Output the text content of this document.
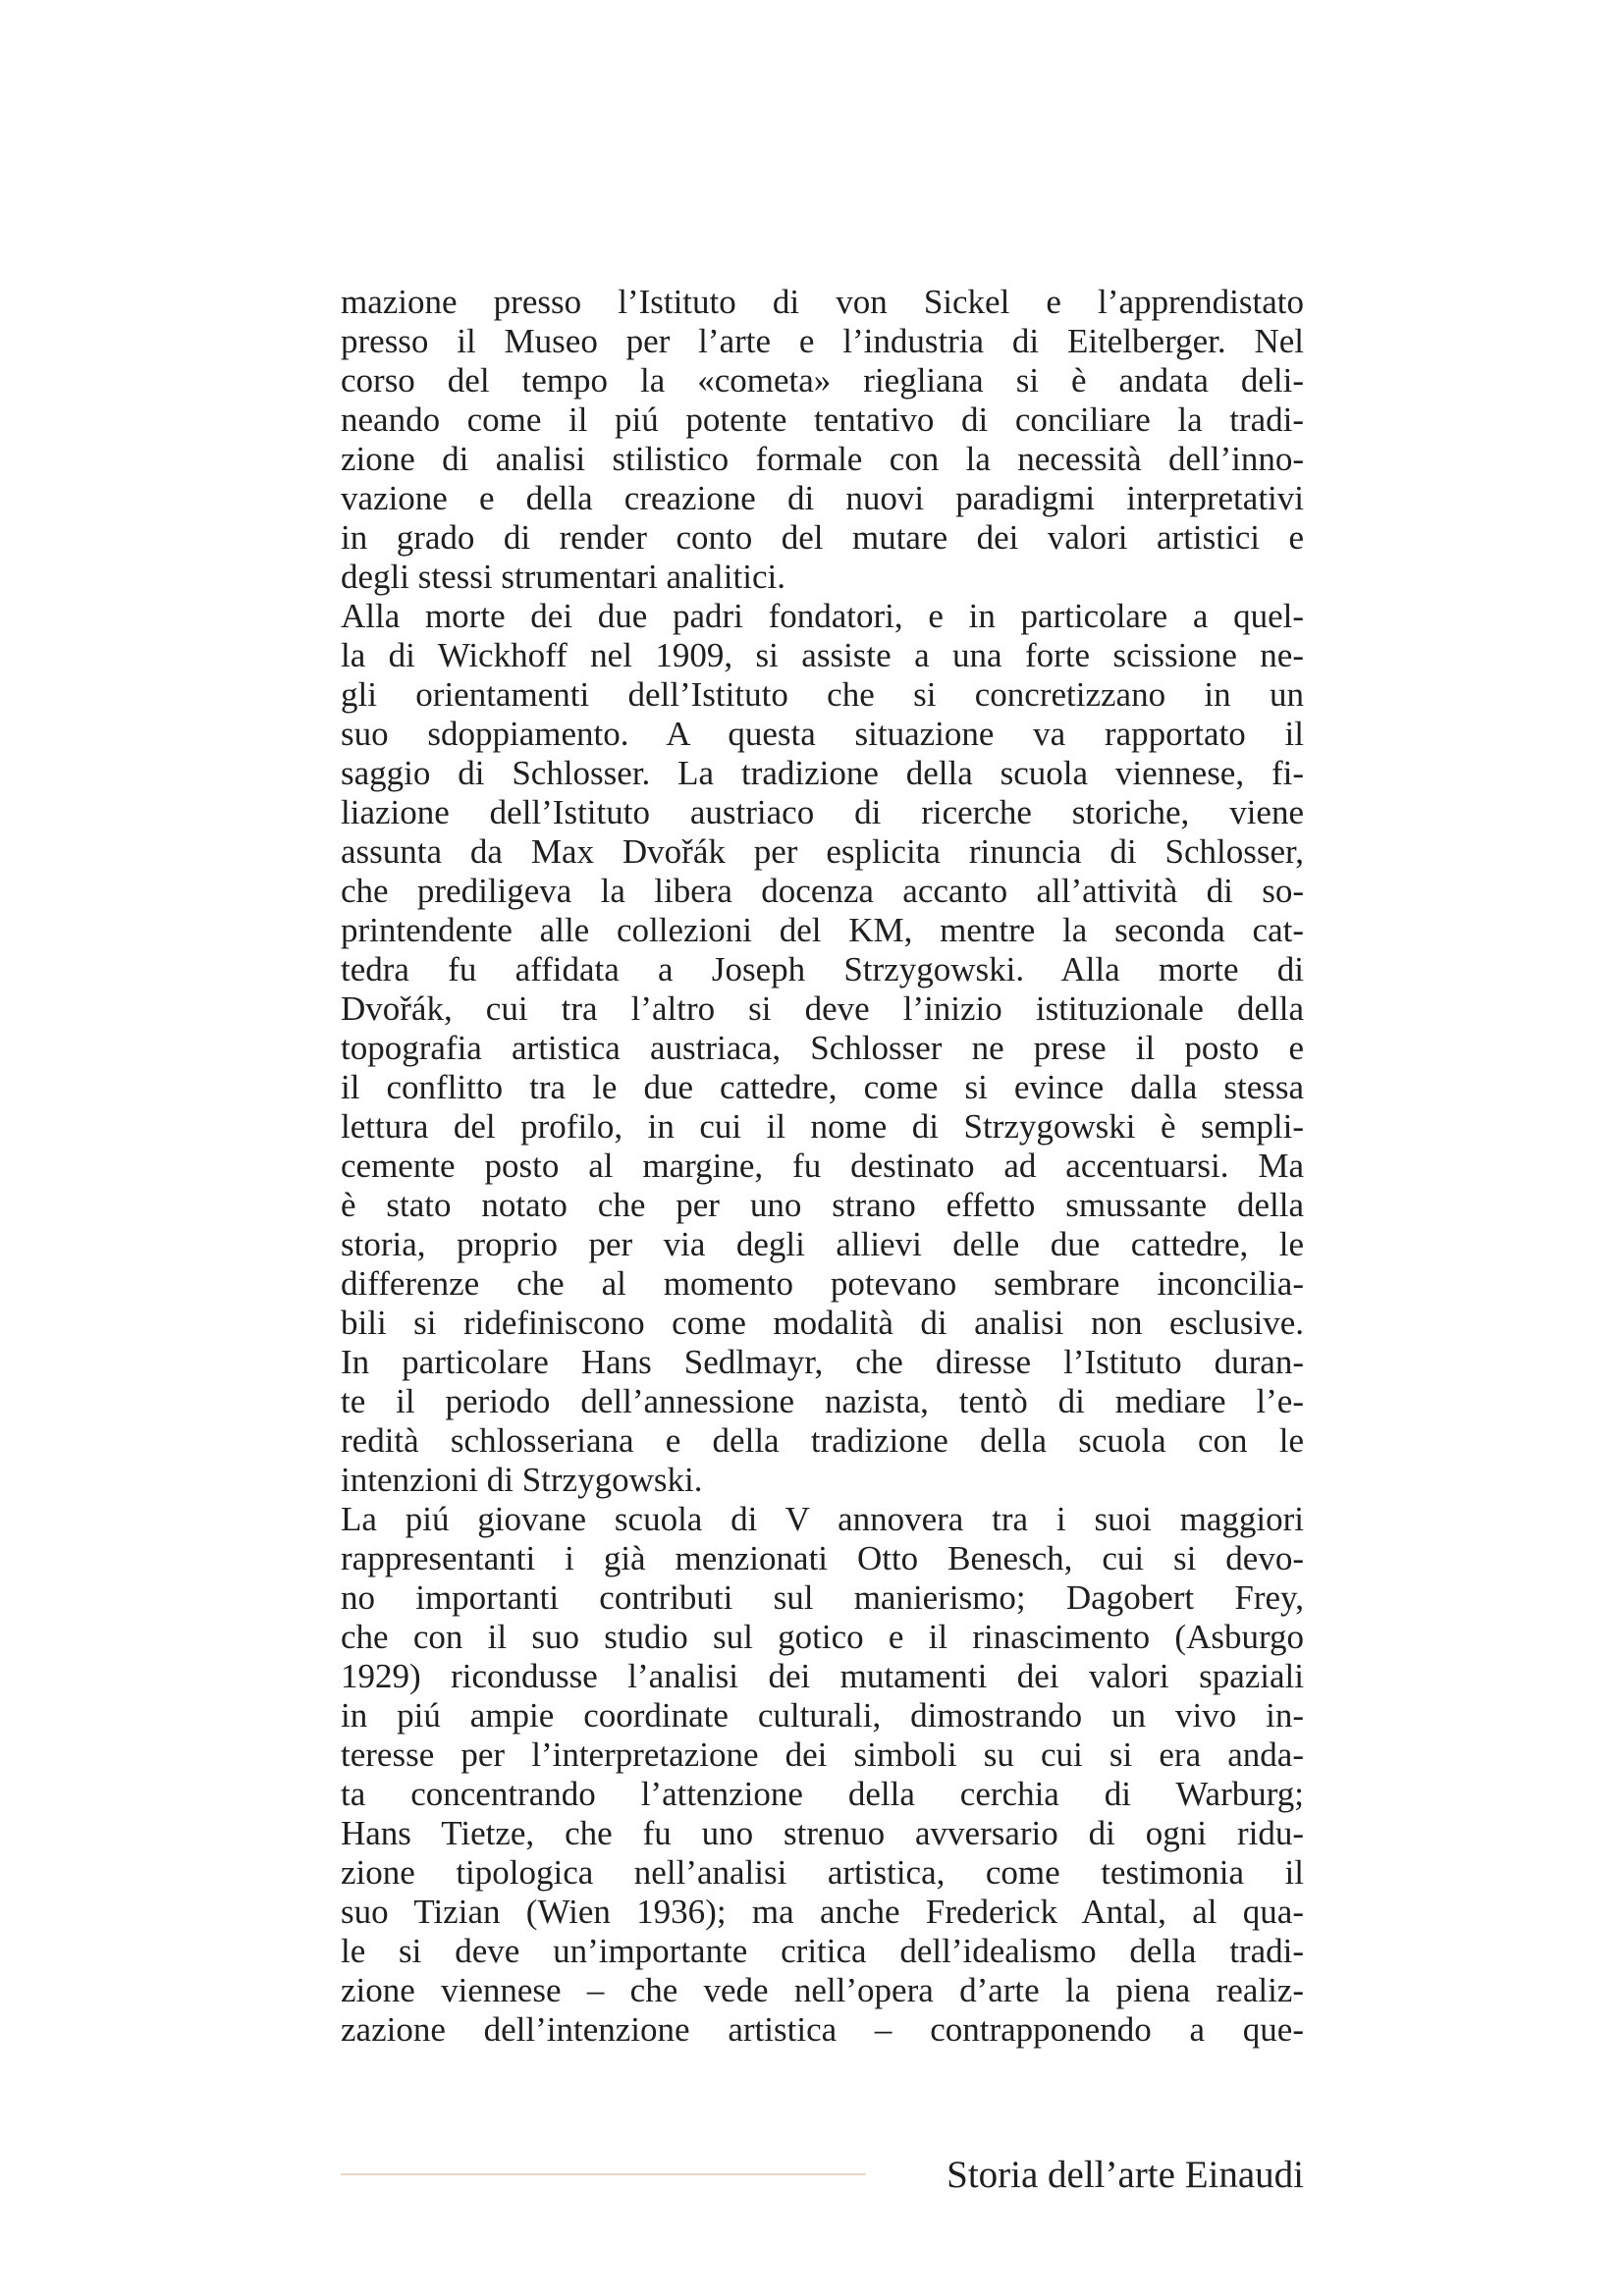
mazione presso l’Istituto di von Sickel e l’apprendistato
presso il Museo per l’arte e l’industria di Eitelberger. Nel
corso del tempo la «cometa» riegliana si è andata deli-
neando come il piú potente tentativo di conciliare la tradi-
zione di analisi stilistico formale con la necessità dell’inno-
vazione e della creazione di nuovi paradigmi interpretativi
in grado di render conto del mutare dei valori artistici e
degli stessi strumentari analitici.
Alla morte dei due padri fondatori, e in particolare a quel-
la di Wickhoff nel 1909, si assiste a una forte scissione ne-
gli orientamenti dell’Istituto che si concretizzano in un
suo sdoppiamento. A questa situazione va rapportato il
saggio di Schlosser. La tradizione della scuola viennese, fi-
liazione dell’Istituto austriaco di ricerche storiche, viene
assunta da Max Dvořák per esplicita rinuncia di Schlosser,
che prediligeva la libera docenza accanto all’attività di so-
printendente alle collezioni del KM, mentre la seconda cat-
tedra fu affidata a Joseph Strzygowski. Alla morte di
Dvořák, cui tra l’altro si deve l’inizio istituzionale della
topografia artistica austriaca, Schlosser ne prese il posto e
il conflitto tra le due cattedre, come si evince dalla stessa
lettura del profilo, in cui il nome di Strzygowski è sempli-
cemente posto al margine, fu destinato ad accentuarsi. Ma
è stato notato che per uno strano effetto smussante della
storia, proprio per via degli allievi delle due cattedre, le
differenze che al momento potevano sembrare inconcilia-
bili si ridefiniscono come modalità di analisi non esclusive.
In particolare Hans Sedlmayr, che diresse l’Istituto duran-
te il periodo dell’annessione nazista, tentò di mediare l’e-
redità schlosseriana e della tradizione della scuola con le
intenzioni di Strzygowski.
La piú giovane scuola di V annovera tra i suoi maggiori
rappresentanti i già menzionati Otto Benesch, cui si devo-
no importanti contributi sul manierismo; Dagobert Frey,
che con il suo studio sul gotico e il rinascimento (Asburgo
1929) ricondusse l’analisi dei mutamenti dei valori spaziali
in piú ampie coordinate culturali, dimostrando un vivo in-
teresse per l’interpretazione dei simboli su cui si era anda-
ta concentrando l’attenzione della cerchia di Warburg;
Hans Tietze, che fu uno strenuo avversario di ogni ridu-
zione tipologica nell’analisi artistica, come testimonia il
suo Tizian (Wien 1936); ma anche Frederick Antal, al qua-
le si deve un’importante critica dell’idealismo della tradi-
zione viennese – che vede nell’opera d’arte la piena realiz-
zazione dell’intenzione artistica – contrapponendo a que-
Storia dell’arte Einaudi
